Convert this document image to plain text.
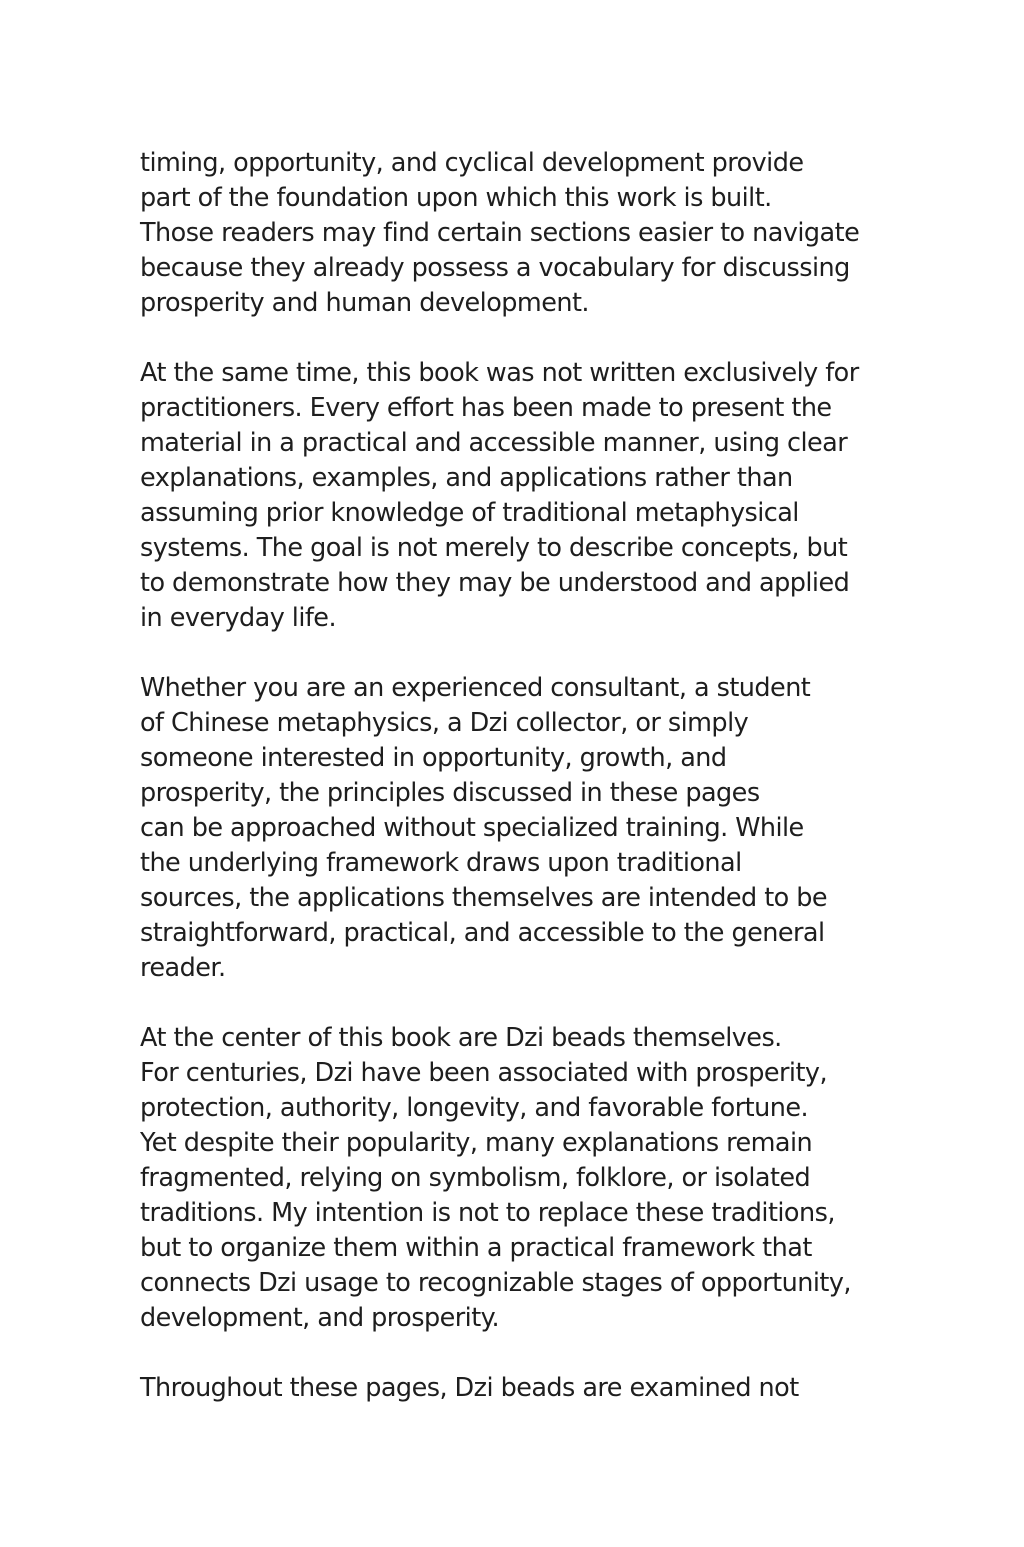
timing, opportunity, and cyclical development provide
part of the foundation upon which this work is built.
Those readers may find certain sections easier to navigate
because they already possess a vocabulary for discussing
prosperity and human development.

At the same time, this book was not written exclusively for
practitioners. Every effort has been made to present the
material in a practical and accessible manner, using clear
explanations, examples, and applications rather than
assuming prior knowledge of traditional metaphysical
systems. The goal is not merely to describe concepts, but
to demonstrate how they may be understood and applied
in everyday life.

Whether you are an experienced consultant, a student
of Chinese metaphysics, a Dzi collector, or simply
someone interested in opportunity, growth, and
prosperity, the principles discussed in these pages
can be approached without specialized training. While
the underlying framework draws upon traditional
sources, the applications themselves are intended to be
straightforward, practical, and accessible to the general
reader.

At the center of this book are Dzi beads themselves.
For centuries, Dzi have been associated with prosperity,
protection, authority, longevity, and favorable fortune.
Yet despite their popularity, many explanations remain
fragmented, relying on symbolism, folklore, or isolated
traditions. My intention is not to replace these traditions,
but to organize them within a practical framework that
connects Dzi usage to recognizable stages of opportunity,
development, and prosperity.

Throughout these pages, Dzi beads are examined not
